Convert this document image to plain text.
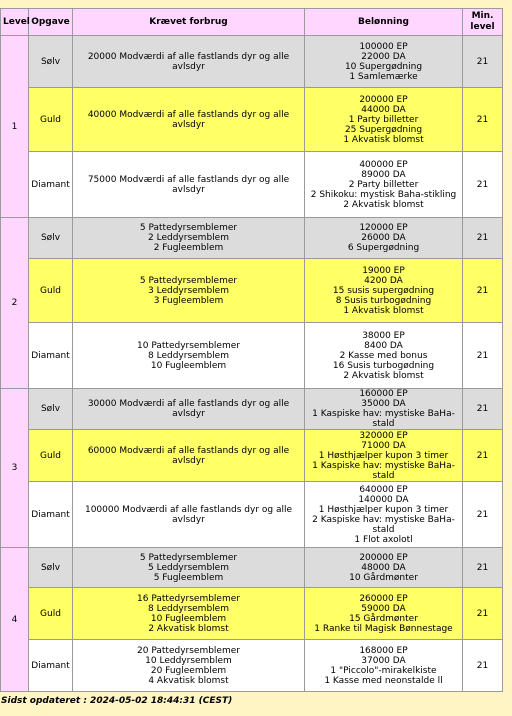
Level	Opgave	Krævet forbrug	Belønning	Min. level
1	Sølv	20000 Modværdi af alle fastlands dyr og alle avlsdyr	100000 EP
22000 DA
10 Supergødning
1 Samlemærke	21
	Guld	40000 Modværdi af alle fastlands dyr og alle avlsdyr	200000 EP
44000 DA
1 Party billetter
25 Supergødning
1 Akvatisk blomst	21
	Diamant	75000 Modværdi af alle fastlands dyr og alle avlsdyr	400000 EP
89000 DA
2 Party billetter
2 Shikoku: mystisk Baha-stikling
2 Akvatisk blomst	21
2	Sølv	5 Pattedyrsemblemer
2 Leddyrsemblem
2 Fugleemblem	120000 EP
26000 DA
6 Supergødning	21
	Guld	5 Pattedyrsemblemer
3 Leddyrsemblem
3 Fugleemblem	19000 EP
4200 DA
15 susis supergødning
8 Susis turbogødning
1 Akvatisk blomst	21
	Diamant	10 Pattedyrsemblemer
8 Leddyrsemblem
10 Fugleemblem	38000 EP
8400 DA
2 Kasse med bonus
16 Susis turbogødning
2 Akvatisk blomst	21
3	Sølv	30000 Modværdi af alle fastlands dyr og alle avlsdyr	160000 EP
35000 DA
1 Kaspiske hav: mystiske BaHa-stald	21
	Guld	60000 Modværdi af alle fastlands dyr og alle avlsdyr	320000 EP
71000 DA
1 Høsthjælper kupon 3 timer
1 Kaspiske hav: mystiske BaHa-stald	21
	Diamant	100000 Modværdi af alle fastlands dyr og alle avlsdyr	640000 EP
140000 DA
1 Høsthjælper kupon 3 timer
2 Kaspiske hav: mystiske BaHa-stald
1 Flot axolotl	21
4	Sølv	5 Pattedyrsemblemer
5 Leddyrsemblem
5 Fugleemblem	200000 EP
48000 DA
10 Gårdmønter	21
	Guld	16 Pattedyrsemblemer
8 Leddyrsemblem
10 Fugleemblem
2 Akvatisk blomst	260000 EP
59000 DA
15 Gårdmønter
1 Ranke til Magisk Bønnestage	21
	Diamant	20 Pattedyrsemblemer
10 Leddyrsemblem
20 Fugleemblem
4 Akvatisk blomst	168000 EP
37000 DA
1 "Piccolo"-mirakelkiste
1 Kasse med neonstalde ll	21
Sidst opdateret : 2024-05-02 18:44:31 (CEST)
